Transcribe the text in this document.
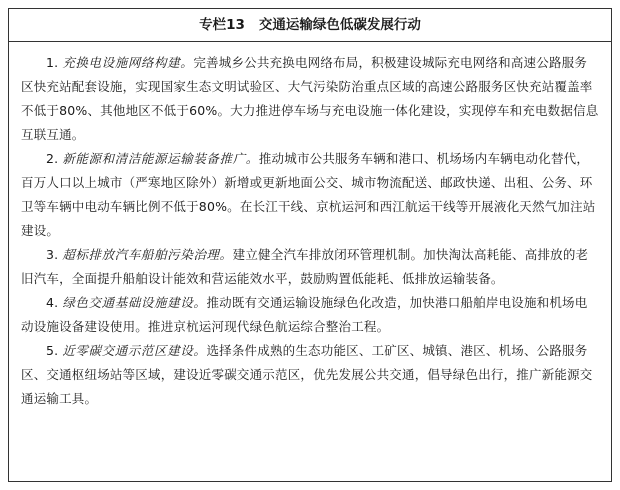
专栏13 交通运输绿色低碳发展行动

1. 充换电设施网络构建。完善城乡公共充换电网络布局，积极建设城际充电网络和高速公路服务区快充站配套设施，实现国家生态文明试验区、大气污染防治重点区域的高速公路服务区快充站覆盖率不低于80%、其他地区不低于60%。大力推进停车场与充电设施一体化建设，实现停车和充电数据信息互联互通。

2. 新能源和清洁能源运输装备推广。推动城市公共服务车辆和港口、机场场内车辆电动化替代，百万人口以上城市（严寒地区除外）新增或更新地面公交、城市物流配送、邮政快递、出租、公务、环卫等车辆中电动车辆比例不低于80%。在长江干线、京杭运河和西江航运干线等开展液化天然气加注站建设。

3. 超标排放汽车船舶污染治理。建立健全汽车排放闭环管理机制。加快淘汰高耗能、高排放的老旧汽车，全面提升船舶设计能效和营运能效水平，鼓励购置低能耗、低排放运输装备。

4. 绿色交通基础设施建设。推动既有交通运输设施绿色化改造，加快港口船舶岸电设施和机场电动设施设备建设使用。推进京杭运河现代绿色航运综合整治工程。

5. 近零碳交通示范区建设。选择条件成熟的生态功能区、工矿区、城镇、港区、机场、公路服务区、交通枢纽场站等区域，建设近零碳交通示范区，优先发展公共交通，倡导绿色出行，推广新能源交通运输工具。
